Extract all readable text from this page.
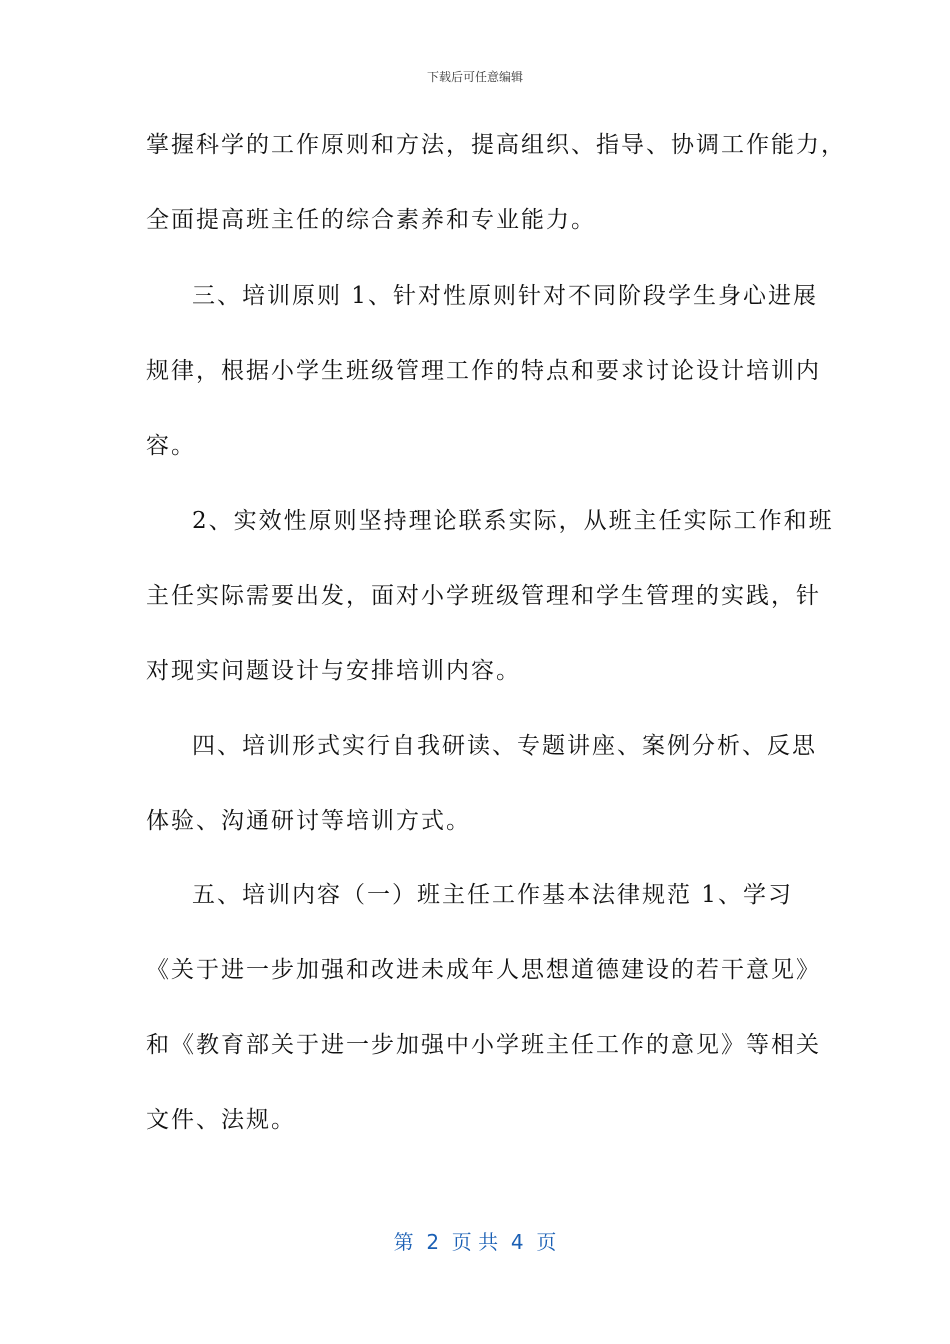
下载后可任意编辑
掌握科学的工作原则和方法，提高组织、指导、协调工作能力，
全面提高班主任的综合素养和专业能力。
三、培训原则 1、针对性原则针对不同阶段学生身心进展
规律，根据小学生班级管理工作的特点和要求讨论设计培训内
容。
2、实效性原则坚持理论联系实际，从班主任实际工作和班
主任实际需要出发，面对小学班级管理和学生管理的实践，针
对现实问题设计与安排培训内容。
四、培训形式实行自我研读、专题讲座、案例分析、反思
体验、沟通研讨等培训方式。
五、培训内容（一）班主任工作基本法律规范 1、学习
《关于进一步加强和改进未成年人思想道德建设的若干意见》
和《教育部关于进一步加强中小学班主任工作的意见》等相关
文件、法规。
第  2  页 共  4  页
